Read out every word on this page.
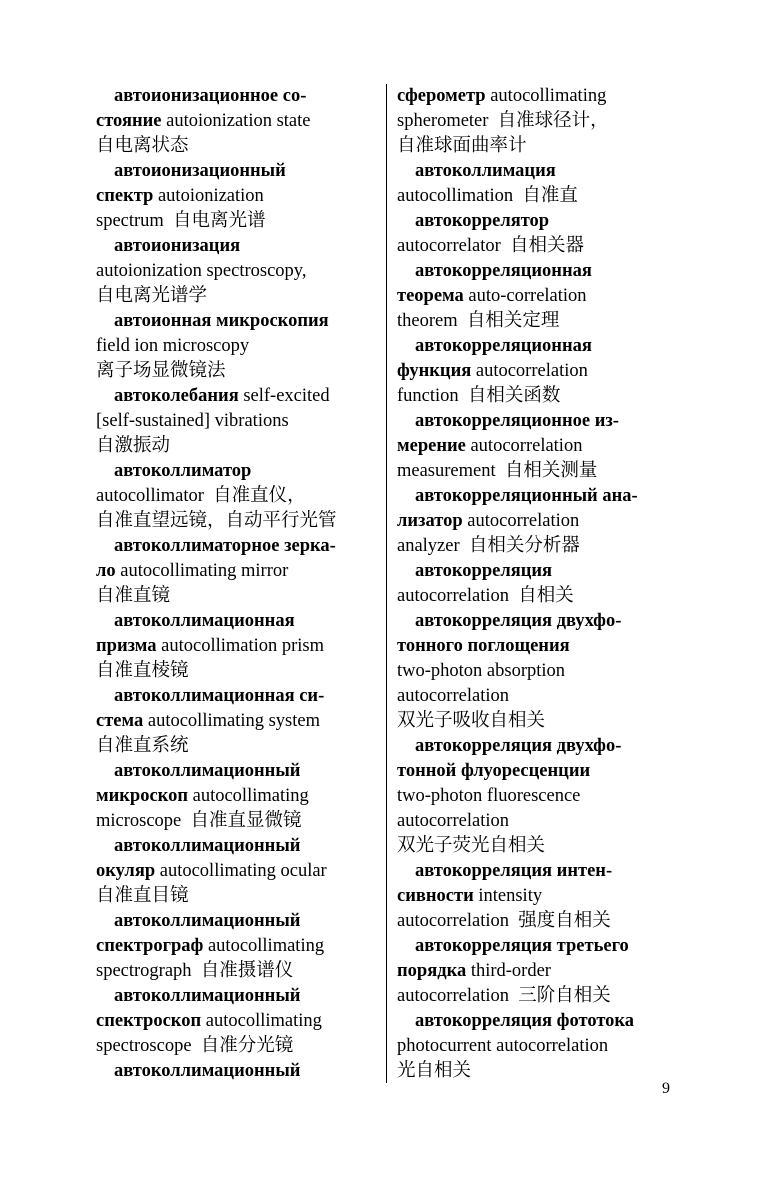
автоионизационное со-
стояние autoionization state
自电离状态
автоионизационный
спектр autoionization
spectrum  自电离光谱
автоионизация
autoionization spectroscopy,
自电离光谱学
автоионная микроскопия
field ion microscopy
离子场显微镜法
автоколебания self-excited
[self-sustained] vibrations
自激振动
автоколлиматор
autocollimator  自准直仪，
自准直望远镜，自动平行光管
автоколлиматорное зерка-
ло autocollimating mirror
自准直镜
автоколлимационная
призма autocollimation prism
自准直棱镜
автоколлимационная си-
стема autocollimating system
自准直系统
автоколлимационный
микроскоп autocollimating
microscope  自准直显微镜
автоколлимационный
окуляр autocollimating ocular
自准直目镜
автоколлимационный
спектрограф autocollimating
spectrograph  自准摄谱仪
автоколлимационный
спектроскоп autocollimating
spectroscope  自准分光镜
автоколлимационный
сферометр autocollimating
spherometer  自准球径计，
自准球面曲率计
автоколлимация
autocollimation  自准直
автокоррелятор
autocorrelator  自相关器
автокорреляционная
теорема auto-correlation
theorem  自相关定理
автокорреляционная
функция autocorrelation
function  自相关函数
автокорреляционное из-
мерение autocorrelation
measurement  自相关测量
автокорреляционный ана-
лизатор autocorrelation
analyzer  自相关分析器
автокорреляция
autocorrelation  自相关
автокорреляция двухфо-
тонного поглощения
two-photon absorption
autocorrelation
双光子吸收自相关
автокорреляция двухфо-
тонной флуоресценции
two-photon fluorescence
autocorrelation
双光子荧光自相关
автокорреляция интен-
сивности intensity
autocorrelation  强度自相关
автокорреляция третьего
порядка third-order
autocorrelation  三阶自相关
автокорреляция фототока
photocurrent autocorrelation
光自相关
9
